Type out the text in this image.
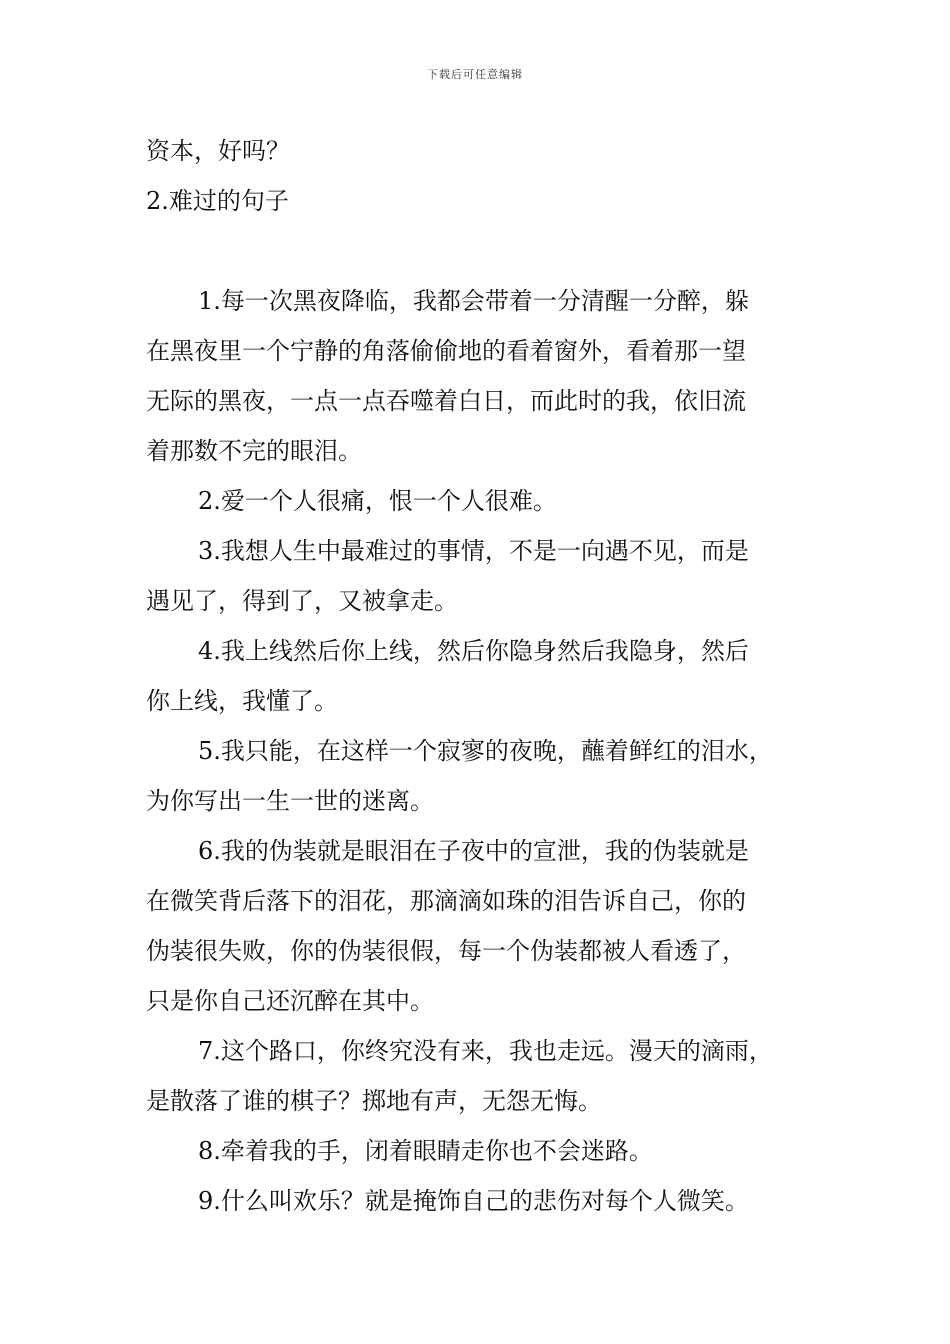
下载后可任意编辑
资本，好吗？
2.难过的句子
1.每一次黑夜降临，我都会带着一分清醒一分醉，躲
在黑夜里一个宁静的角落偷偷地的看着窗外，看着那一望
无际的黑夜，一点一点吞噬着白日，而此时的我，依旧流
着那数不完的眼泪。
2.爱一个人很痛，恨一个人很难。
3.我想人生中最难过的事情，不是一向遇不见，而是
遇见了，得到了，又被拿走。
4.我上线然后你上线，然后你隐身然后我隐身，然后
你上线，我懂了。
5.我只能，在这样一个寂寥的夜晚，蘸着鲜红的泪水，
为你写出一生一世的迷离。
6.我的伪装就是眼泪在子夜中的宣泄，我的伪装就是
在微笑背后落下的泪花，那滴滴如珠的泪告诉自己，你的
伪装很失败，你的伪装很假，每一个伪装都被人看透了，
只是你自己还沉醉在其中。
7.这个路口，你终究没有来，我也走远。漫天的滴雨，
是散落了谁的棋子？掷地有声，无怨无悔。
8.牵着我的手，闭着眼睛走你也不会迷路。
9.什么叫欢乐？就是掩饰自己的悲伤对每个人微笑。
